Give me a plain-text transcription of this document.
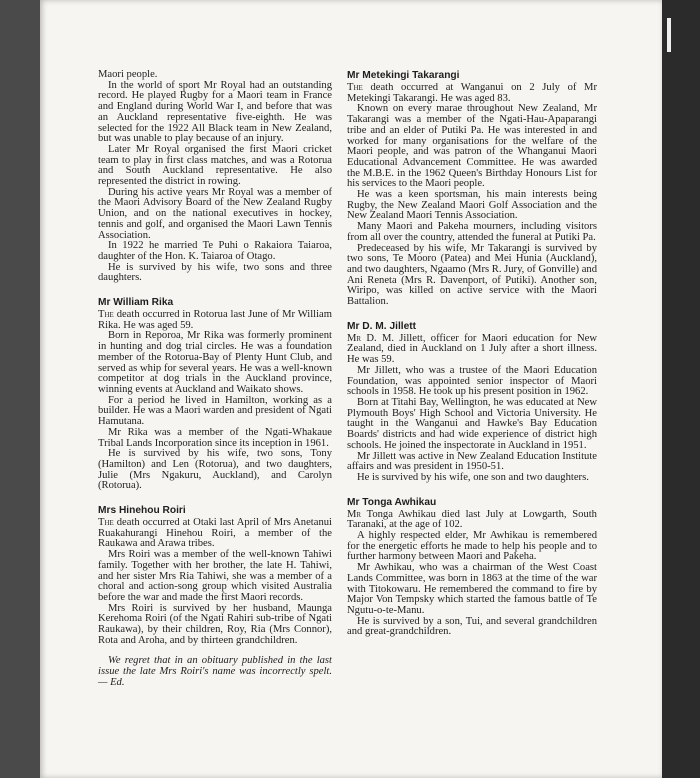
Maori people.

In the world of sport Mr Royal had an outstanding record. He played Rugby for a Maori team in France and England during World War I, and before that was an Auckland representative five-eighth. He was selected for the 1922 All Black team in New Zealand, but was unable to play because of an injury.

Later Mr Royal organised the first Maori cricket team to play in first class matches, and was a Rotorua and South Auckland representative. He also represented the district in rowing.

During his active years Mr Royal was a member of the Maori Advisory Board of the New Zealand Rugby Union, and on the national executives in hockey, tennis and golf, and organised the Maori Lawn Tennis Association.

In 1922 he married Te Puhi o Rakaiora Taiaroa, daughter of the Hon. K. Taiaroa of Otago.

He is survived by his wife, two sons and three daughters.

Mr William Rika

The death occurred in Rotorua last June of Mr William Rika. He was aged 59.

Born in Reporoa, Mr Rika was formerly prominent in hunting and dog trial circles. He was a foundation member of the Rotorua-Bay of Plenty Hunt Club, and served as whip for several years. He was a well-known competitor at dog trials in the Auckland province, winning events at Auckland and Waikato shows.

For a period he lived in Hamilton, working as a builder. He was a Maori warden and president of Ngati Hamutana.

Mr Rika was a member of the Ngati-Whakaue Tribal Lands Incorporation since its inception in 1961.

He is survived by his wife, two sons, Tony (Hamilton) and Len (Rotorua), and two daughters, Julie (Mrs Ngakuru, Auckland), and Carolyn (Rotorua).

Mrs Hinehou Roiri

The death occurred at Otaki last April of Mrs Anetanui Ruakahurangi Hinehou Roiri, a member of the Raukawa and Arawa tribes.

Mrs Roiri was a member of the well-known Tahiwi family. Together with her brother, the late H. Tahiwi, and her sister Mrs Ria Tahiwi, she was a member of a choral and action-song group which visited Australia before the war and made the first Maori records.

Mrs Roiri is survived by her husband, Maunga Kerehoma Roiri (of the Ngati Rahiri sub-tribe of Ngati Raukawa), by their children, Roy, Ria (Mrs Connor), Rota and Aroha, and by thirteen grandchildren.

We regret that in an obituary published in the last issue the late Mrs Roiri's name was incorrectly spelt. — Ed.

Mr Metekingi Takarangi

The death occurred at Wanganui on 2 July of Mr Metekingi Takarangi. He was aged 83.

Known on every marae throughout New Zealand, Mr Takarangi was a member of the Ngati-Hau-Apaparangi tribe and an elder of Putiki Pa. He was interested in and worked for many organisations for the welfare of the Maori people, and was patron of the Whanganui Maori Educational Advancement Committee. He was awarded the M.B.E. in the 1962 Queen's Birthday Honours List for his services to the Maori people.

He was a keen sportsman, his main interests being Rugby, the New Zealand Maori Golf Association and the New Zealand Maori Tennis Association.

Many Maori and Pakeha mourners, including visitors from all over the country, attended the funeral at Putiki Pa.

Predeceased by his wife, Mr Takarangi is survived by two sons, Te Mooro (Patea) and Mei Hunia (Auckland), and two daughters, Ngaamo (Mrs R. Jury, of Gonville) and Ani Reneta (Mrs R. Davenport, of Putiki). Another son, Wiripo, was killed on active service with the Maori Battalion.

Mr D. M. Jillett

Mr D. M. Jillett, officer for Maori education for New Zealand, died in Auckland on 1 July after a short illness. He was 59.

Mr Jillett, who was a trustee of the Maori Education Foundation, was appointed senior inspector of Maori schools in 1958. He took up his present position in 1962.

Born at Titahi Bay, Wellington, he was educated at New Plymouth Boys' High School and Victoria University. He taught in the Wanganui and Hawke's Bay Education Boards' districts and had wide experience of district high schools. He joined the inspectorate in Auckland in 1951.

Mr Jillett was active in New Zealand Education Institute affairs and was president in 1950-51.

He is survived by his wife, one son and two daughters.

Mr Tonga Awhikau

Mr Tonga Awhikau died last July at Lowgarth, South Taranaki, at the age of 102.

A highly respected elder, Mr Awhikau is remembered for the energetic efforts he made to help his people and to further harmony between Maori and Pakeha.

Mr Awhikau, who was a chairman of the West Coast Lands Committee, was born in 1863 at the time of the war with Titokowaru. He remembered the command to fire by Major Von Tempsky which started the famous battle of Te Ngutu-o-te-Manu.

He is survived by a son, Tui, and several grandchildren and great-grandchildren.
